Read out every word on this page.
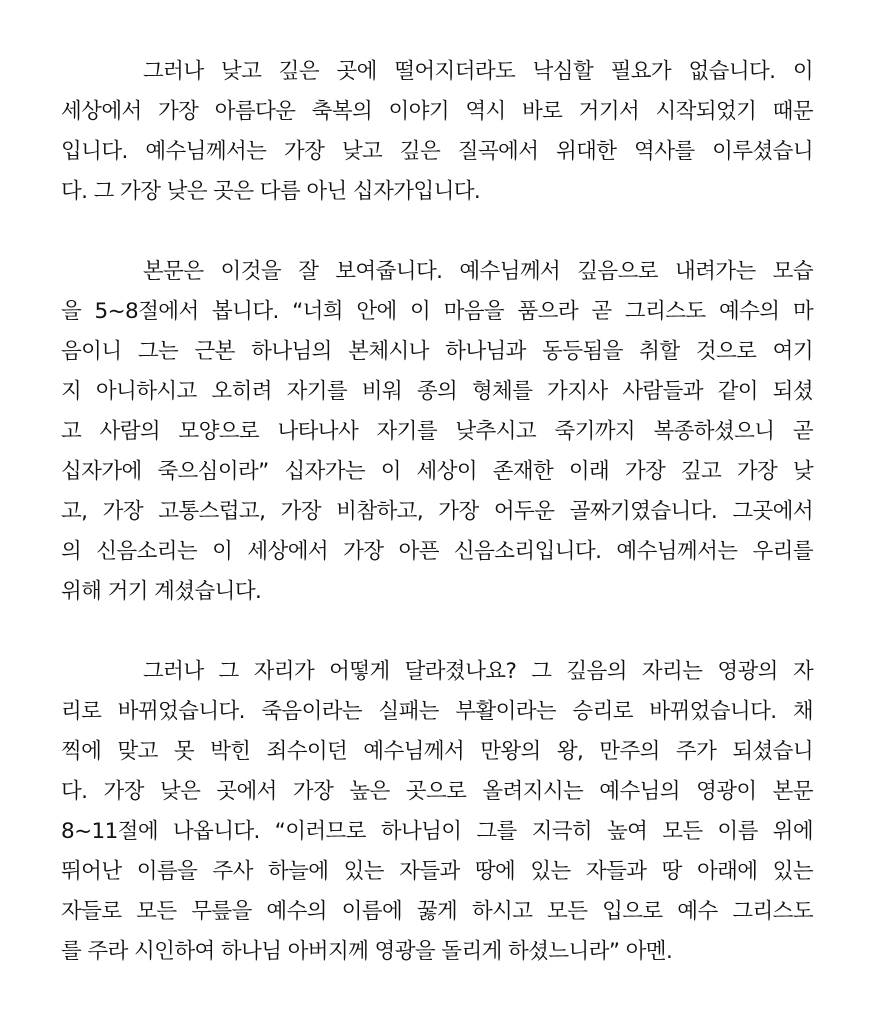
그러나 낮고 깊은 곳에 떨어지더라도 낙심할 필요가 없습니다. 이
세상에서 가장 아름다운 축복의 이야기 역시 바로 거기서 시작되었기 때문
입니다. 예수님께서는 가장 낮고 깊은 질곡에서 위대한 역사를 이루셨습니
다. 그 가장 낮은 곳은 다름 아닌 십자가입니다.
본문은 이것을 잘 보여줍니다. 예수님께서 깊음으로 내려가는 모습
을 5~8절에서 봅니다. “너희 안에 이 마음을 품으라 곧 그리스도 예수의 마
음이니 그는 근본 하나님의 본체시나 하나님과 동등됨을 취할 것으로 여기
지 아니하시고 오히려 자기를 비워 종의 형체를 가지사 사람들과 같이 되셨
고 사람의 모양으로 나타나사 자기를 낮추시고 죽기까지 복종하셨으니 곧
십자가에 죽으심이라” 십자가는 이 세상이 존재한 이래 가장 깊고 가장 낮
고, 가장 고통스럽고, 가장 비참하고, 가장 어두운 골짜기였습니다. 그곳에서
의 신음소리는 이 세상에서 가장 아픈 신음소리입니다. 예수님께서는 우리를
위해 거기 계셨습니다.
그러나 그 자리가 어떻게 달라졌나요? 그 깊음의 자리는 영광의 자
리로 바뀌었습니다. 죽음이라는 실패는 부활이라는 승리로 바뀌었습니다. 채
찍에 맞고 못 박힌 죄수이던 예수님께서 만왕의 왕, 만주의 주가 되셨습니
다. 가장 낮은 곳에서 가장 높은 곳으로 올려지시는 예수님의 영광이 본문
8~11절에 나옵니다. “이러므로 하나님이 그를 지극히 높여 모든 이름 위에
뛰어난 이름을 주사 하늘에 있는 자들과 땅에 있는 자들과 땅 아래에 있는
자들로 모든 무릎을 예수의 이름에 꿇게 하시고 모든 입으로 예수 그리스도
를 주라 시인하여 하나님 아버지께 영광을 돌리게 하셨느니라” 아멘.
